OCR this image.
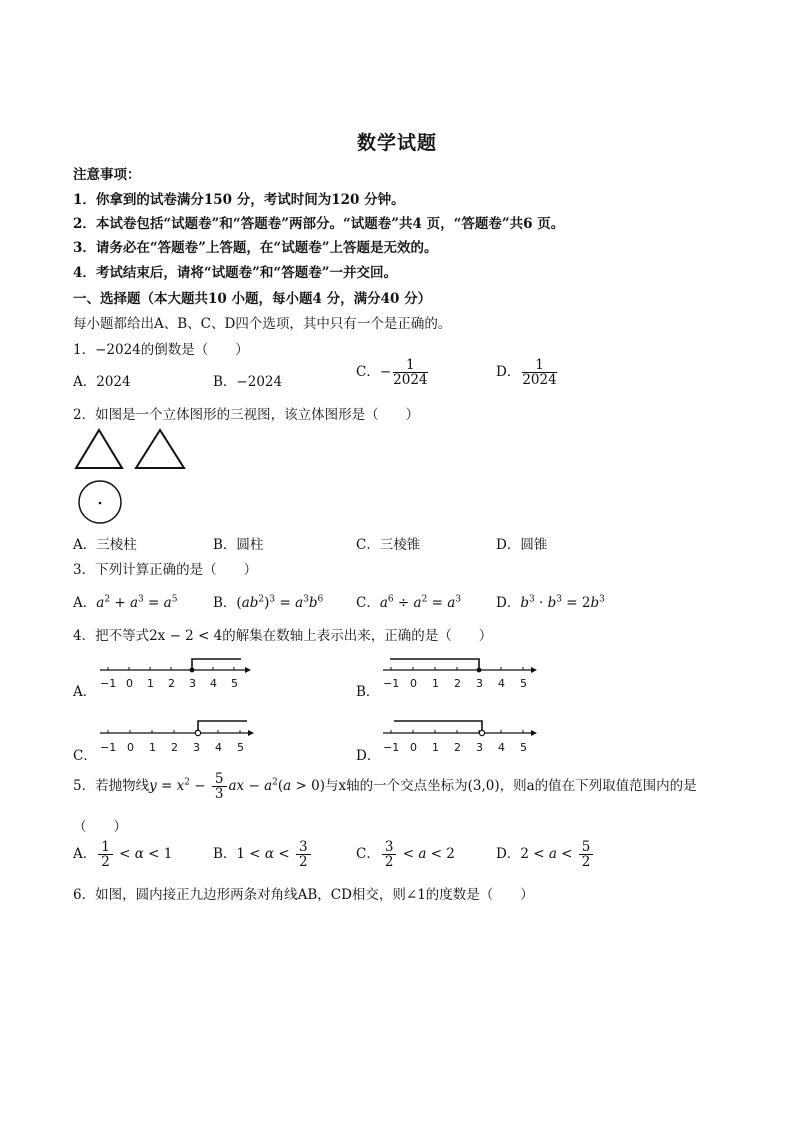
数学试题
注意事项：
1．你拿到的试卷满分150 分，考试时间为120 分钟。
2．本试卷包括“试题卷”和“答题卷”两部分。“试题卷”共4 页，“答题卷”共6 页。
3．请务必在“答题卷”上答题，在“试题卷”上答题是无效的。
4．考试结束后，请将“试题卷”和“答题卷”一并交回。
一、选择题（本大题共10 小题，每小题4 分，满分40 分）
每小题都给出A、B、C、D四个选项，其中只有一个是正确的。
1．−2024的倒数是（　　）
A．2024	B．−2024
C．− $\frac{1}{2024}$	D． $\frac{1}{2024}$
2．如图是一个立体图形的三视图，该立体图形是（　　）
A．三棱柱	B．圆柱	C．三棱锥	D．圆锥
3．下列计算正确的是（　　）
A．$a^2 + a^3 = a^5$	B．$(ab^2)^3 = a^3b^6$ C．$a^6 \div a^2 = a^3$	D．$b^3 \cdot b^3 = 2b^3$
4．把不等式2x − 2 < 4的解集在数轴上表示出来，正确的是（　　）
A．
−1 0 1 2 3 4 5
B．
−1 0 1 2 3 4 5
C．
−1 0 1 2 3 4 5
D．
−1 0 1 2 3 4 5
5．若抛物线$y = x^2 - \frac{5}{3}$ ax − $a^2(a > 0)$与x轴的一个交点坐标为(3,0)，则a的值在下列取值范围内的是
（　　）
A． $\frac{1}{2} < \alpha < 1$	B．$1 < \alpha < \frac{3}{2}$	C． $\frac{3}{2} < a < 2$	D．$2 < a < \frac{5}{2}$
6．如图，圆内接正九边形两条对角线AB，CD相交，则∠1的度数是（　　）
